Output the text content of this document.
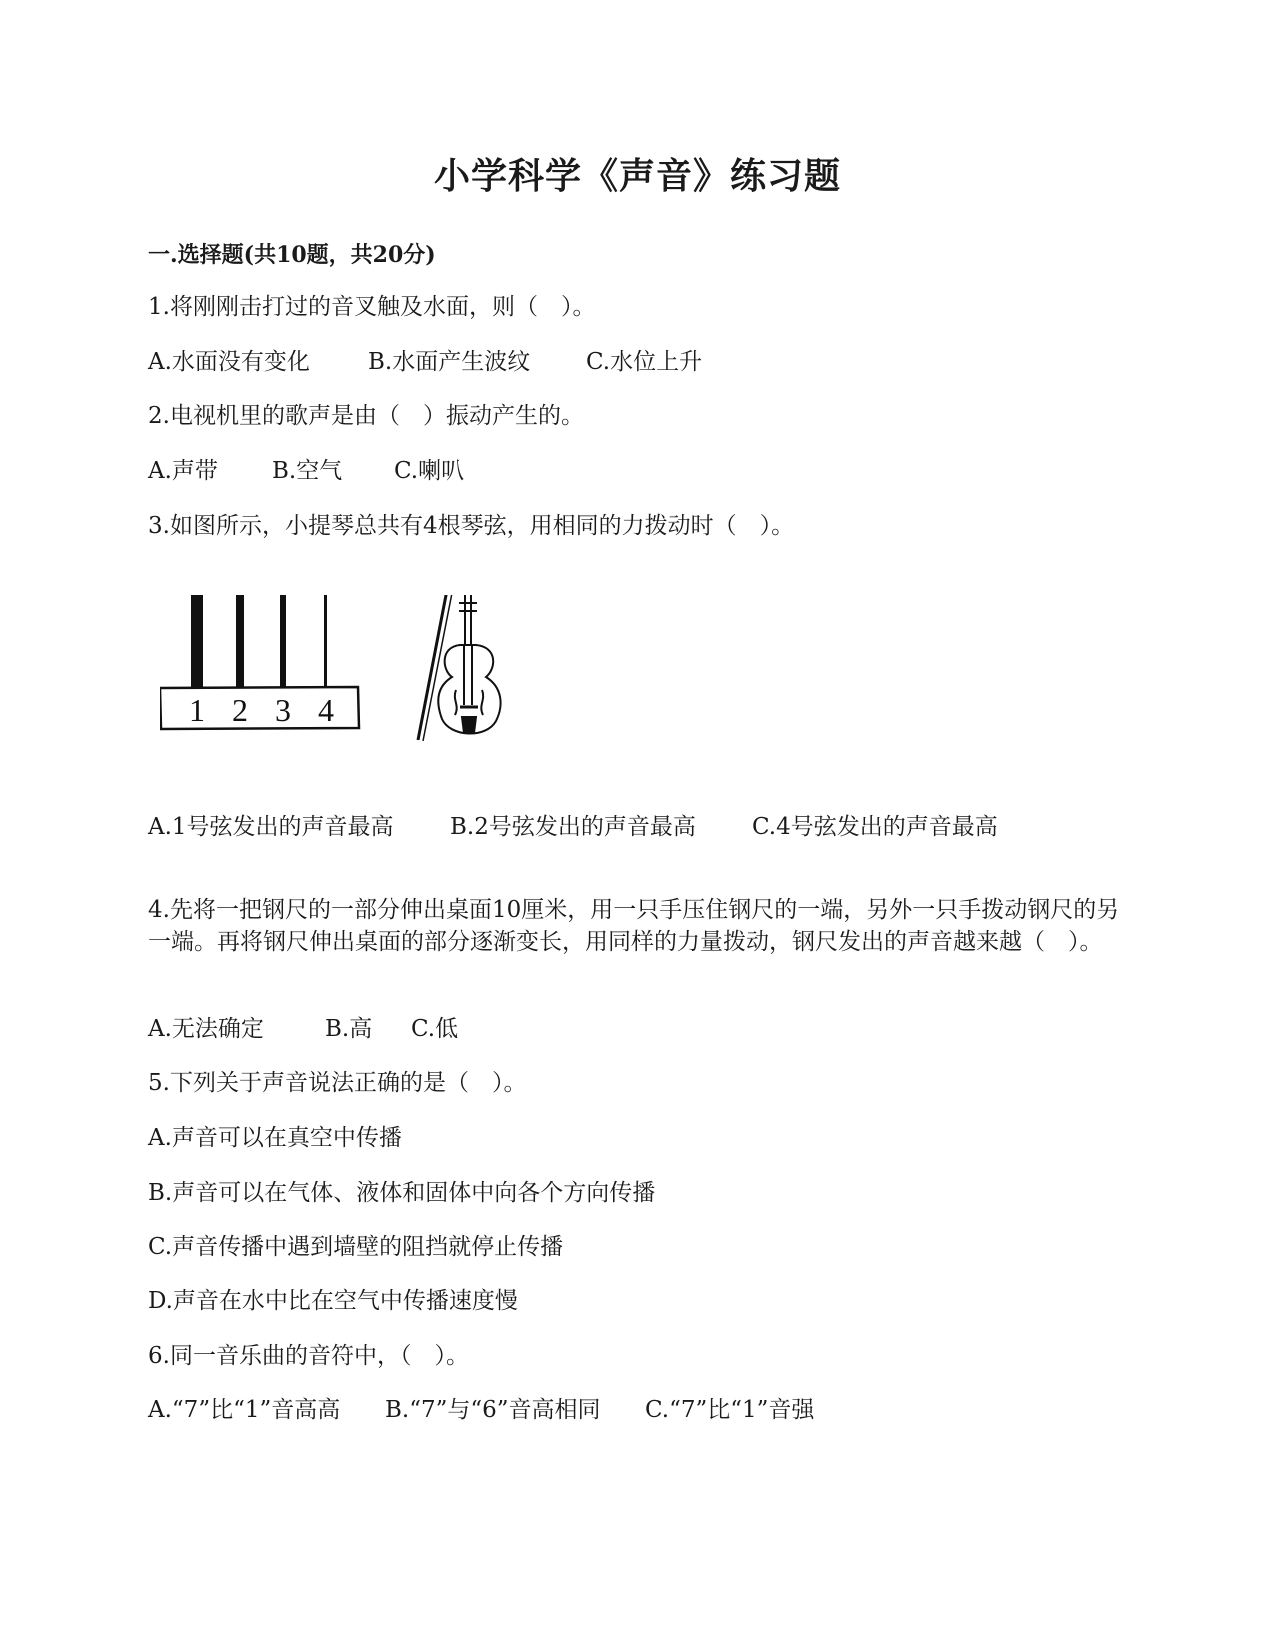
小学科学《声音》练习题
一.选择题(共10题，共20分)
1.将刚刚击打过的音叉触及水面，则（　）。
A.水面没有变化	B.水面产生波纹 C.水位上升
2.电视机里的歌声是由（　）振动产生的。
A.声带 B.空气 C.喇叭
3.如图所示，小提琴总共有4根琴弦，用相同的力拨动时（　）。
1 2 3 4
A.1号弦发出的声音最高 B.2号弦发出的声音最高 C.4号弦发出的声音最高
4.先将一把钢尺的一部分伸出桌面10厘米，用一只手压住钢尺的一端，另外一只手拨动钢尺的另一端。再将钢尺伸出桌面的部分逐渐变长，用同样的力量拨动，钢尺发出的声音越来越（　）。
A.无法确定	B.高 C.低
5.下列关于声音说法正确的是（　）。
A.声音可以在真空中传播
B.声音可以在气体、液体和固体中向各个方向传播
C.声音传播中遇到墙壁的阻挡就停止传播
D.声音在水中比在空气中传播速度慢
6.同一音乐曲的音符中，（　）。
A.“7”比“1”音高高 B.“7”与“6”音高相同 C.“7”比“1”音强
